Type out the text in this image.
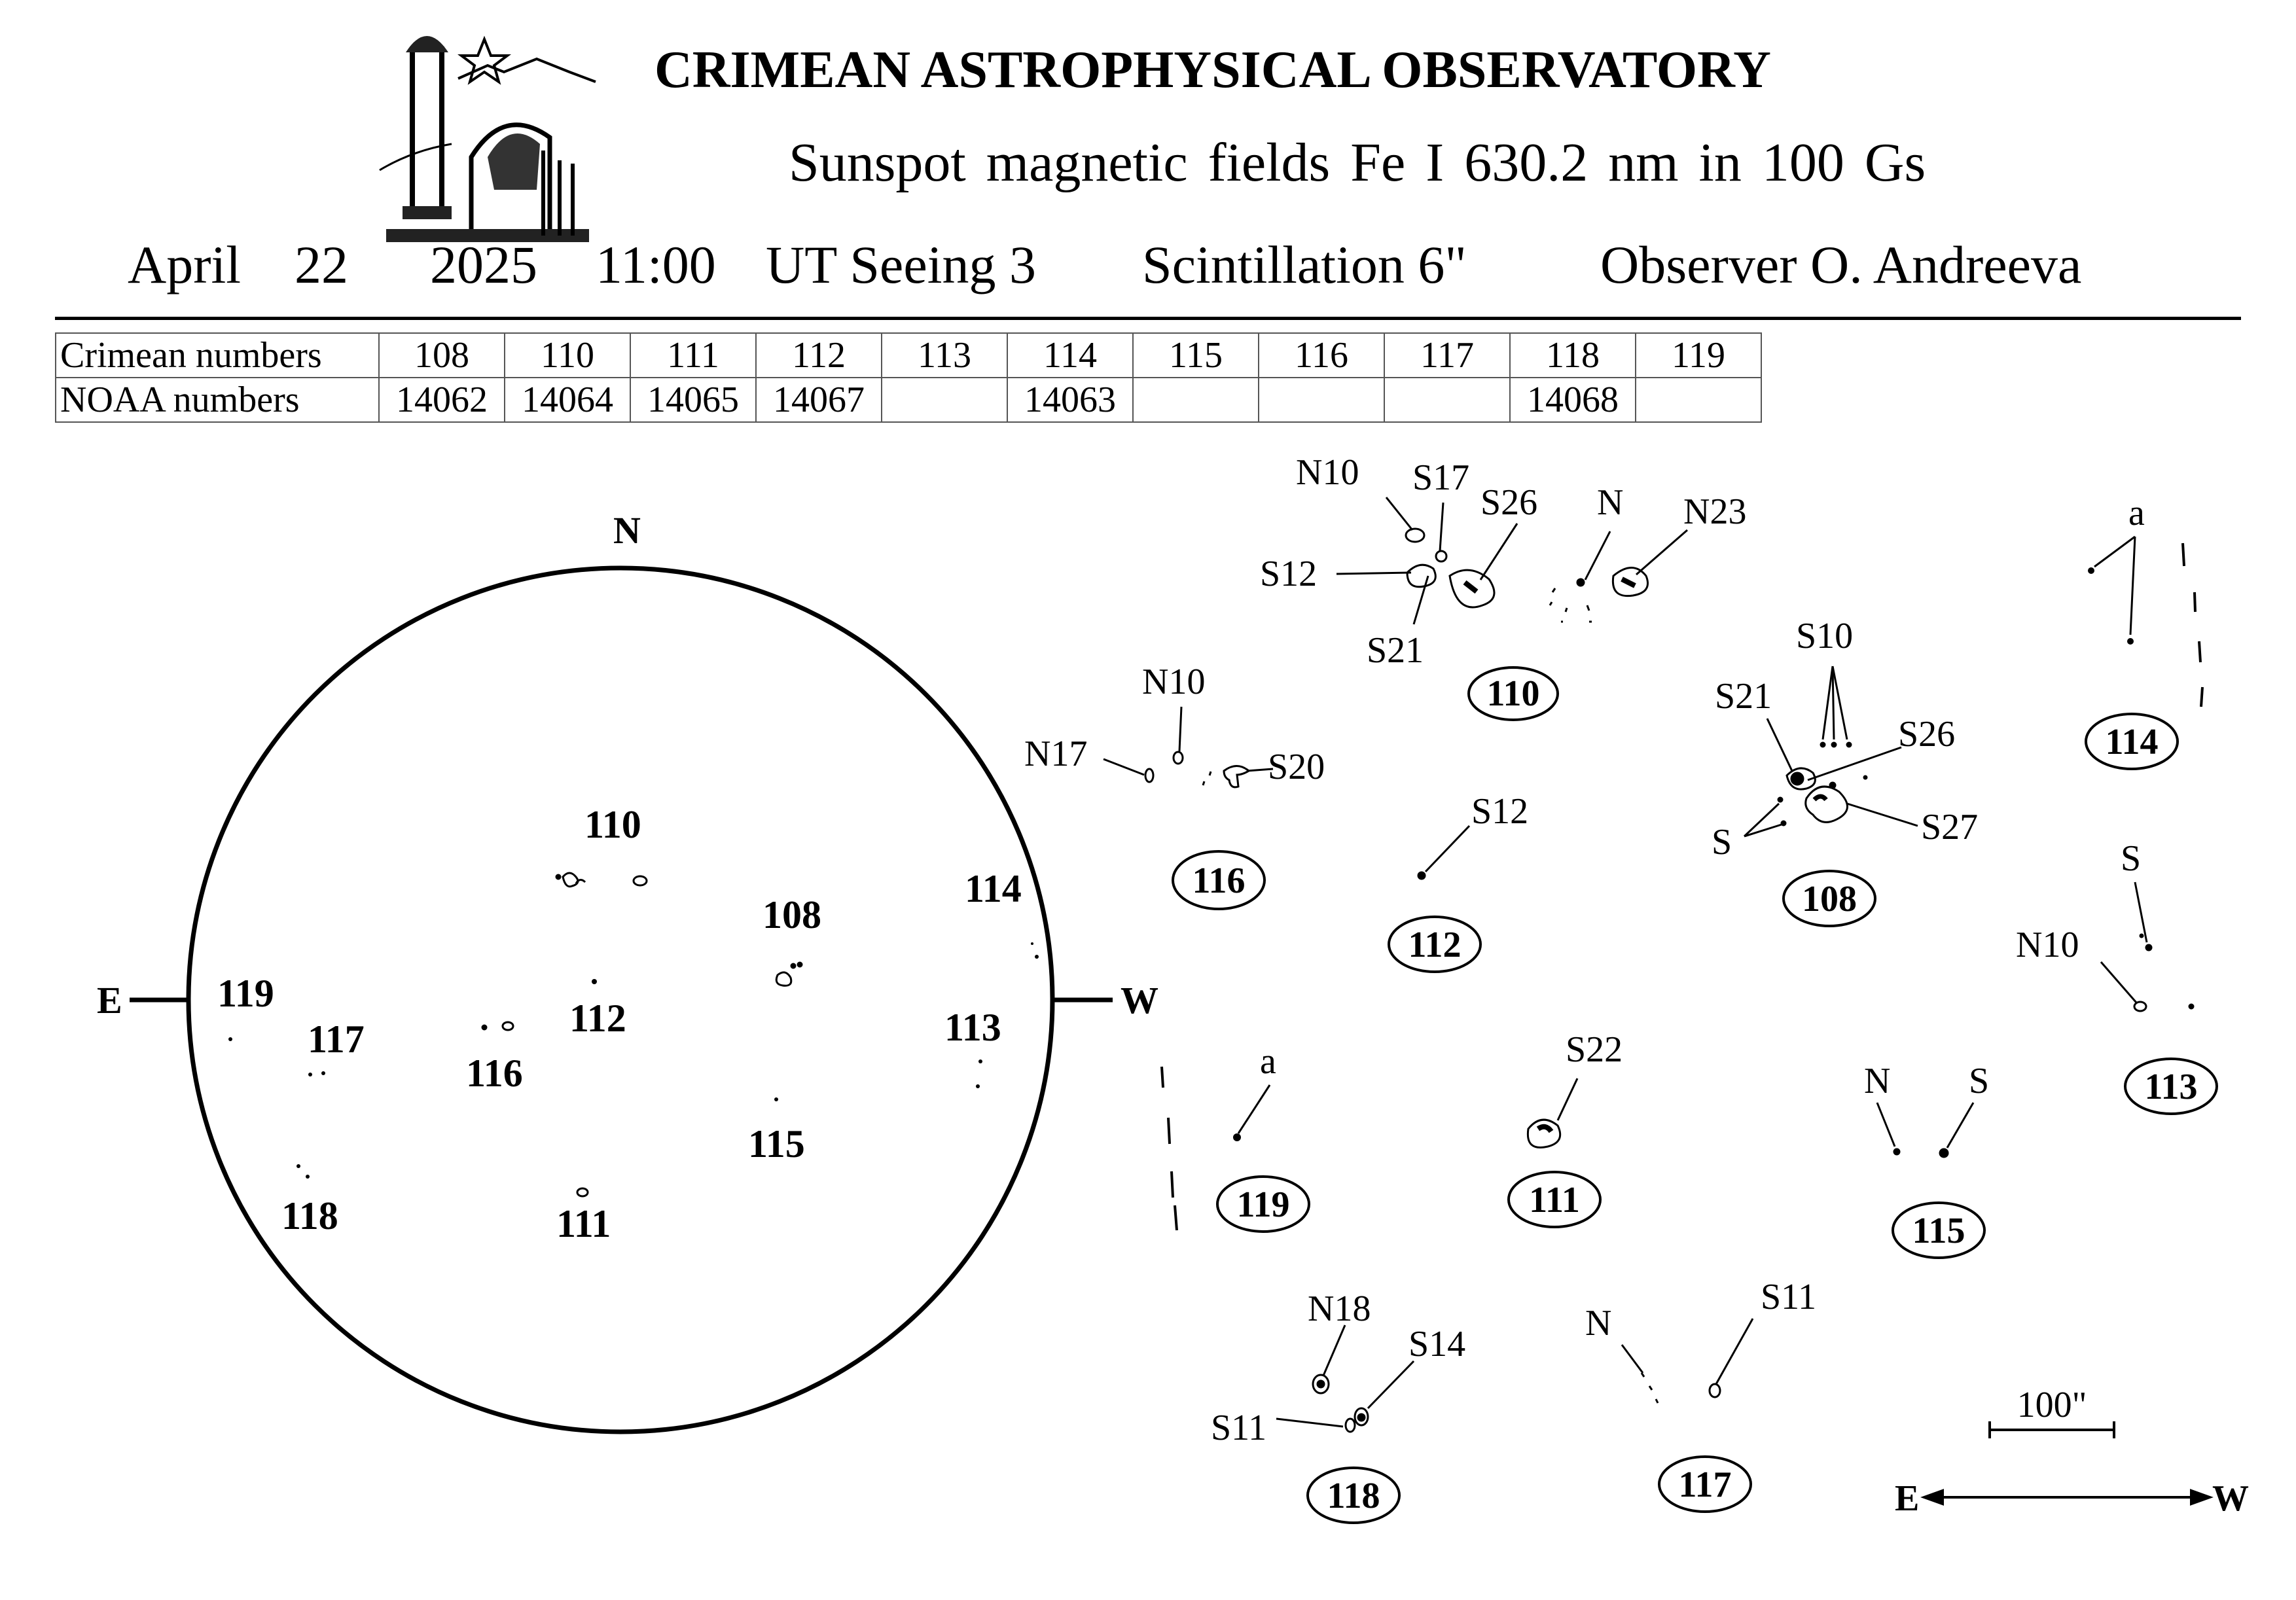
CRIMEAN ASTROPHYSICAL OBSERVATORY
Sunspot magnetic fields Fe I 630.2 nm in 100 Gs
April 22 2025 11:00 UT Seeing 3 Scintillation 6" Observer O. Andreeva
Crimean numbers	108	110	111	112	113	114	115	116	117	118	119
NOAA numbers	14062	14064	14065	14067		14063				14068	
N
E	W
110
108
114
119
117
116
112	113
115
118	111
N10 S17
S26 N N23
S12
S21
110
N10
N17	S20
116
S12
112
S10
S21
S26
S	S27
108
a
114
S
N10
113
a
119
S22
111
N S
115
N18
S14
S11
118
N
S11
117
100"
E	W
